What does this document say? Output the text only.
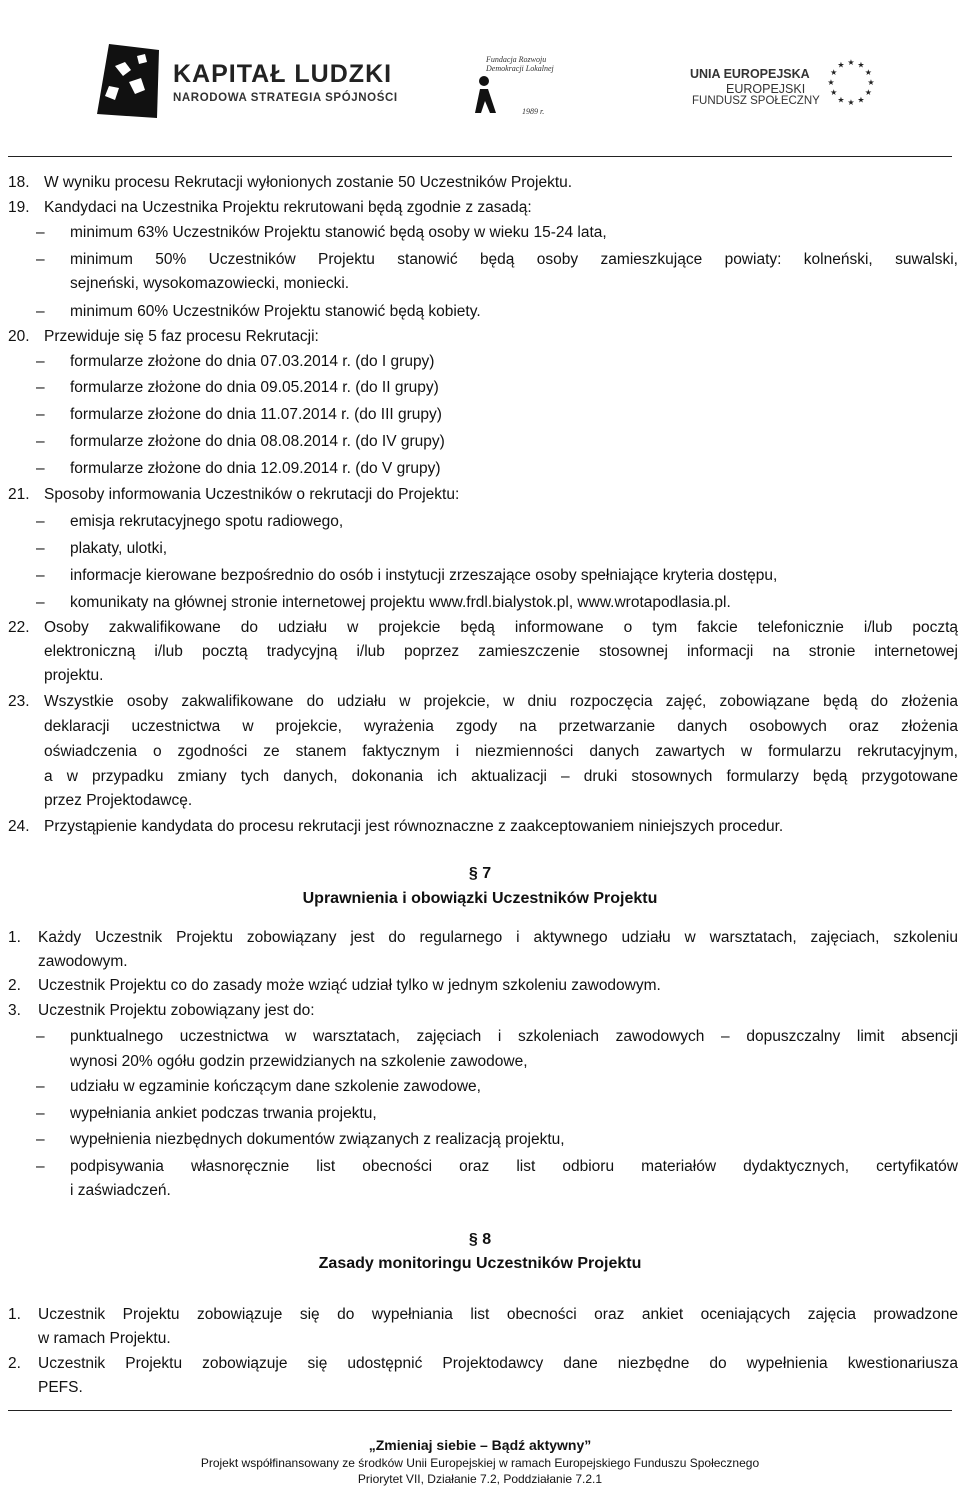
KAPITAŁ LUDZKI
NARODOWA STRATEGIA SPÓJNOŚCI
Fundacja Rozwoju
Demokracji Lokalnej
1989 r.
UNIA EUROPEJSKA
EUROPEJSKI
FUNDUSZ SPOŁECZNY
★ ★
★
★
★
★
★
★
★
★
★
★
18. W wyniku procesu Rekrutacji wyłonionych zostanie 50 Uczestników Projektu.
19. Kandydaci na Uczestnika Projektu rekrutowani będą zgodnie z zasadą:
– minimum 63% Uczestników Projektu stanowić będą osoby w wieku 15-24 lata,
– minimum 50% Uczestników Projektu stanowić będą osoby zamieszkujące powiaty: kolneński, suwalski,
sejneński, wysokomazowiecki, moniecki.
– minimum 60% Uczestników Projektu stanowić będą kobiety.
20. Przewiduje się 5 faz procesu Rekrutacji:
– formularze złożone do dnia 07.03.2014 r. (do I grupy)
– formularze złożone do dnia 09.05.2014 r. (do II grupy)
– formularze złożone do dnia 11.07.2014 r. (do III grupy)
– formularze złożone do dnia 08.08.2014 r. (do IV grupy)
– formularze złożone do dnia 12.09.2014 r. (do V grupy)
21. Sposoby informowania Uczestników o rekrutacji do Projektu:
– emisja rekrutacyjnego spotu radiowego,
– plakaty, ulotki,
– informacje kierowane bezpośrednio do osób i instytucji zrzeszające osoby spełniające kryteria dostępu,
– komunikaty na głównej stronie internetowej projektu www.frdl.bialystok.pl, www.wrotapodlasia.pl.
22. Osoby zakwalifikowane do udziału w projekcie będą informowane o tym fakcie telefonicznie i/lub pocztą
elektroniczną i/lub pocztą tradycyjną i/lub poprzez zamieszczenie stosownej informacji na stronie internetowej
projektu.
23. Wszystkie osoby zakwalifikowane do udziału w projekcie, w dniu rozpoczęcia zajęć, zobowiązane będą do złożenia
deklaracji uczestnictwa w projekcie, wyrażenia zgody na przetwarzanie danych osobowych oraz złożenia
oświadczenia o zgodności ze stanem faktycznym i niezmienności danych zawartych w formularzu rekrutacyjnym,
a w przypadku zmiany tych danych, dokonania ich aktualizacji – druki stosownych formularzy będą przygotowane
przez Projektodawcę.
24. Przystąpienie kandydata do procesu rekrutacji jest równoznaczne z zaakceptowaniem niniejszych procedur.
§ 7
Uprawnienia i obowiązki Uczestników Projektu
1. Każdy Uczestnik Projektu zobowiązany jest do regularnego i aktywnego udziału w warsztatach, zajęciach, szkoleniu
zawodowym.
2. Uczestnik Projektu co do zasady może wziąć udział tylko w jednym szkoleniu zawodowym.
3. Uczestnik Projektu zobowiązany jest do:
– punktualnego uczestnictwa w warsztatach, zajęciach i szkoleniach zawodowych – dopuszczalny limit absencji
wynosi 20% ogółu godzin przewidzianych na szkolenie zawodowe,
– udziału w egzaminie kończącym dane szkolenie zawodowe,
– wypełniania ankiet podczas trwania projektu,
– wypełnienia niezbędnych dokumentów związanych z realizacją projektu,
– podpisywania własnoręcznie list obecności oraz list odbioru materiałów dydaktycznych, certyfikatów
i zaświadczeń.
§ 8
Zasady monitoringu Uczestników Projektu
1. Uczestnik Projektu zobowiązuje się do wypełniania list obecności oraz ankiet oceniających zajęcia prowadzone
w ramach Projektu.
2. Uczestnik Projektu zobowiązuje się udostępnić Projektodawcy dane niezbędne do wypełnienia kwestionariusza
PEFS.
„Zmieniaj siebie – Bądź aktywny”
Projekt współfinansowany ze środków Unii Europejskiej w ramach Europejskiego Funduszu Społecznego
Priorytet VII, Działanie 7.2, Poddziałanie 7.2.1
